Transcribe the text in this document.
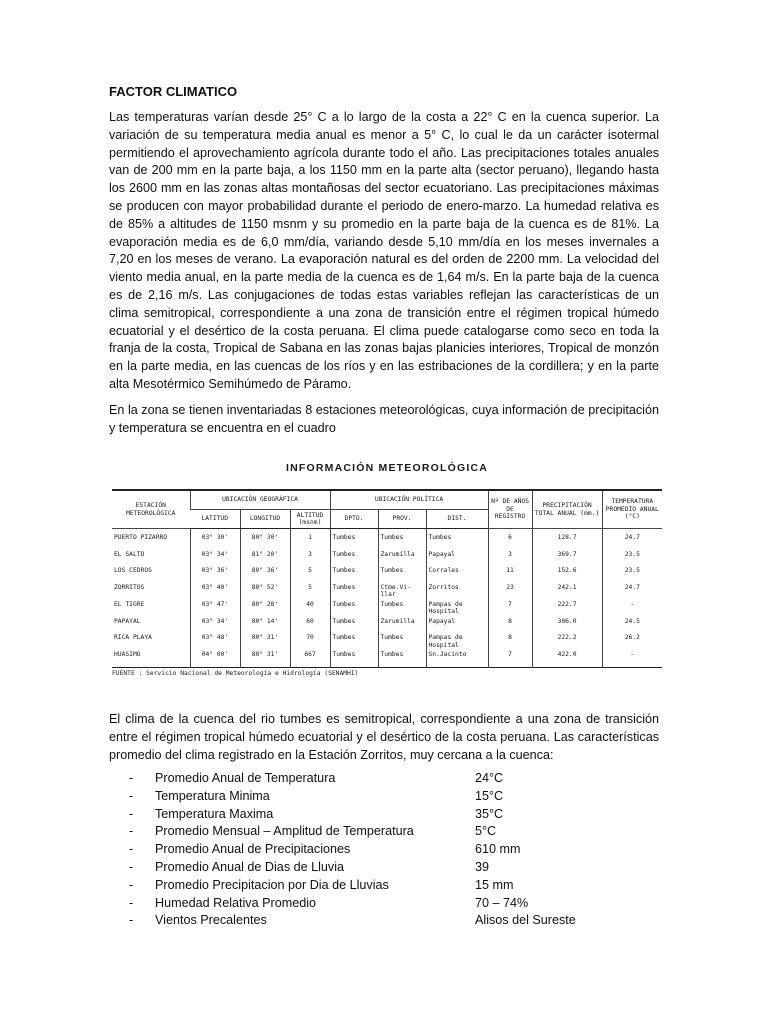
FACTOR CLIMATICO

Las temperaturas varían desde 25° C a lo largo de la costa a 22° C en la cuenca superior. La variación de su temperatura media anual es menor a 5° C, lo cual le da un carácter isotermal permitiendo el aprovechamiento agrícola durante todo el año. Las precipitaciones totales anuales van de 200 mm en la parte baja, a los 1150 mm en la parte alta (sector peruano), llegando hasta los 2600 mm en las zonas altas montañosas del sector ecuatoriano. Las precipitaciones máximas se producen con mayor probabilidad durante el periodo de enero-marzo. La humedad relativa es de 85% a altitudes de 1150 msnm y su promedio en la parte baja de la cuenca es de 81%. La evaporación media es de 6,0 mm/día, variando desde 5,10 mm/día en los meses invernales a 7,20 en los meses de verano. La evaporación natural es del orden de 2200 mm. La velocidad del viento media anual, en la parte media de la cuenca es de 1,64 m/s. En la parte baja de la cuenca es de 2,16 m/s. Las conjugaciones de todas estas variables reflejan las características de un clima semitropical, correspondiente a una zona de transición entre el régimen tropical húmedo ecuatorial y el desértico de la costa peruana. El clima puede catalogarse como seco en toda la franja de la costa, Tropical de Sabana en las zonas bajas planicies interiores, Tropical de monzón en la parte media, en las cuencas de los ríos y en las estribaciones de la cordillera; y en la parte alta Mesotérmico Semihúmedo de Páramo.

En la zona se tienen inventariadas 8 estaciones meteorológicas, cuya información de precipitación y temperatura se encuentra en el cuadro

INFORMACIÓN METEOROLÓGICA
ESTACIÓN METEOROLÓGICA	UBICACIÓN GEOGRÁFICA			UBICACIÓN POLÍTICA			Nº DE AÑOS DE REGISTRO	PRECIPITACIÓN TOTAL ANUAL (mm.)	TEMPERATURA PROMEDIO ANUAL (°C)
	LATITUD	LONGITUD	ALTITUD (msnm)	DPTO.	PROV.	DIST.			
PUERTO PIZARRO	03° 30'	80° 30'	1	Tumbes	Tumbes	Tumbes	6	128.7	24.7
EL SALTO	03° 34'	81° 20'	3	Tumbes	Zarumilla	Papayal	3	369.7	23.5
LOS CEDROS	03° 36'	80° 36'	5	Tumbes	Tumbes	Corrales	11	152.6	23.5
ZORRITOS	03° 40'	80° 52'	5	Tumbes	Ctme.Vi-llar	Zorritos	23	242.1	24.7
EL TIGRE	03° 47'	80° 28'	40	Tumbes	Tumbes	Pampas de Hospital	7	222.7	-
PAPAYAL	03° 34'	80° 14'	60	Tumbes	Zarumilla	Papayal	8	306.0	24.5
RICA PLAYA	03° 48'	80° 31'	70	Tumbes	Tumbes	Pampas de Hospital	8	222.2	26.2
HUASIMO	04° 00'	80° 31'	667	Tumbes	Tumbes	Sn.Jacinto	7	422.0	-
FUENTE : Servicio Nacional de Meteorología e Hidrología (SENAMHI)

El clima de la cuenca del rio tumbes es semitropical, correspondiente a una zona de transición entre el régimen tropical húmedo ecuatorial y el desértico de la costa peruana. Las características promedio del clima registrado en la Estación Zorritos, muy cercana a la cuenca:

-	Promedio Anual de Temperatura	24°C
-	Temperatura Minima	15°C
-	Temperatura Maxima	35°C
-	Promedio Mensual – Amplitud de Temperatura	5°C
-	Promedio Anual de Precipitaciones	610 mm
-	Promedio Anual de Dias de Lluvia	39
-	Promedio Precipitacion por Dia de Lluvias	15 mm
-	Humedad Relativa Promedio	70 – 74%
-	Vientos Precalentes	Alisos del Sureste
